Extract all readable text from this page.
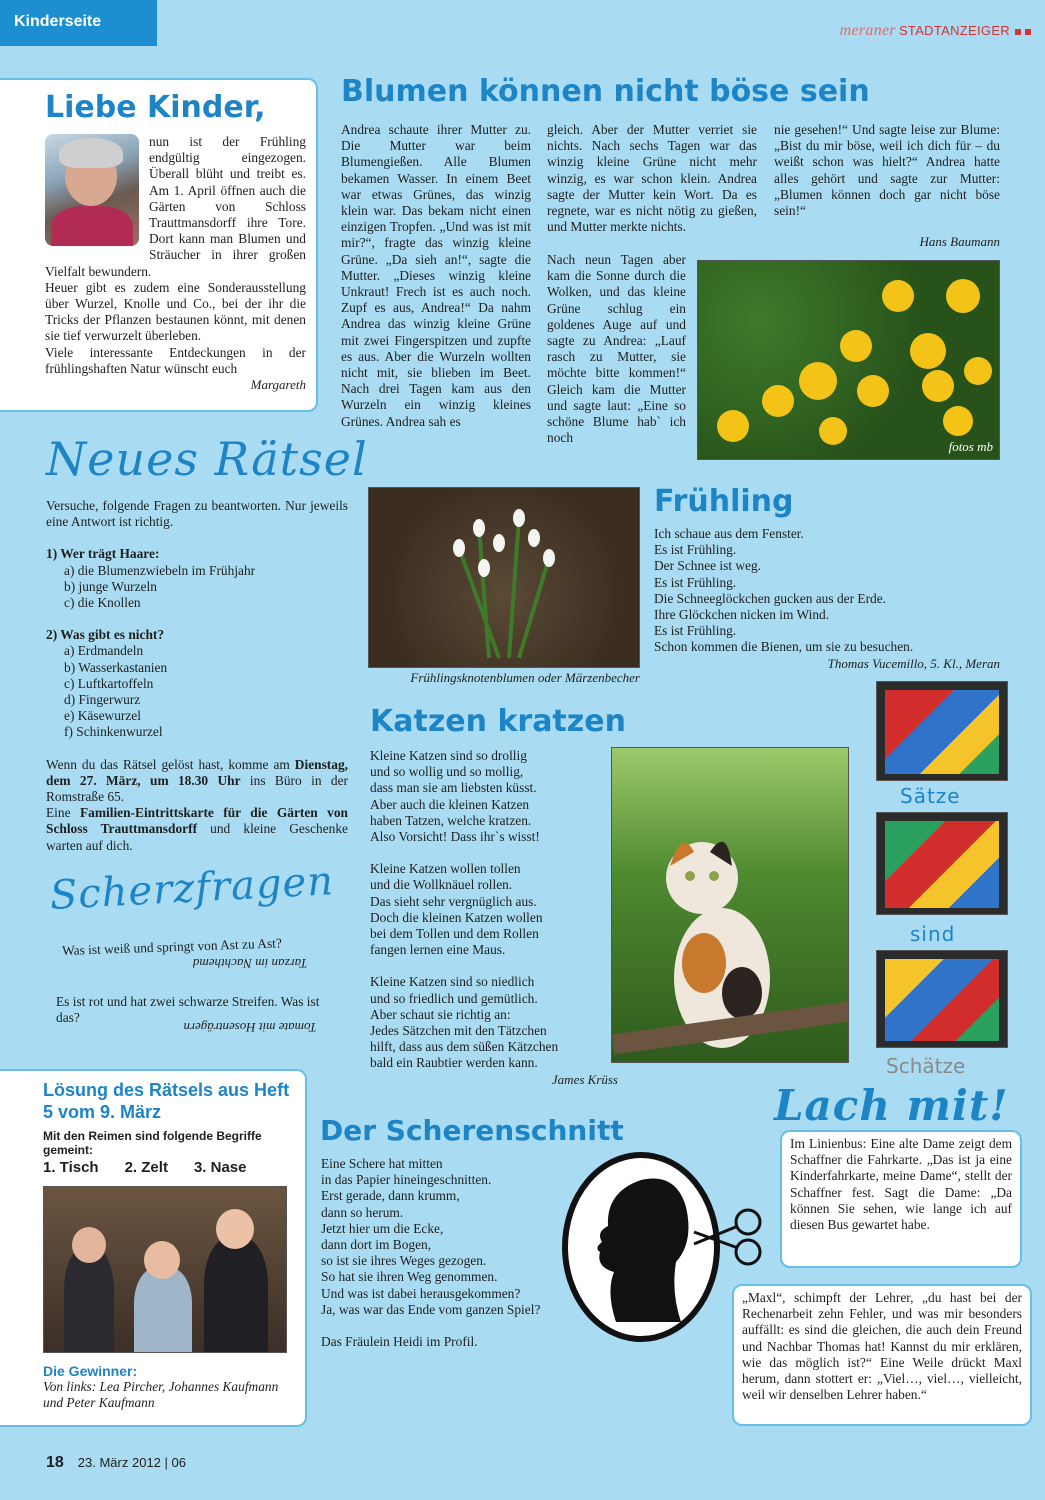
Kinderseite
meraner STADTANZEIGER
Liebe Kinder,

nun ist der Frühling endgültig eingezogen. Überall blüht und treibt es. Am 1. April öffnen auch die Gärten von Schloss Trauttmansdorff ihre Tore. Dort kann man Blumen und Sträucher in ihrer großen Vielfalt bewundern.

Heuer gibt es zudem eine Sonderausstellung über Wurzel, Knolle und Co., bei der ihr die Tricks der Pflanzen bestaunen könnt, mit denen sie tief verwurzelt überleben.

Viele interessante Entdeckungen in der frühlingshaften Natur wünscht euch

Margareth

Blumen können nicht böse sein

Andrea schaute ihrer Mutter zu. Die Mutter war beim Blumengießen. Alle Blumen bekamen Wasser. In einem Beet war etwas Grünes, das winzig klein war. Das bekam nicht einen einzigen Tropfen. „Und was ist mit mir?“, fragte das winzig kleine Grüne. „Da sieh an!“, sagte die Mutter. „Dieses winzig kleine Unkraut! Frech ist es auch noch. Zupf es aus, Andrea!“ Da nahm Andrea das winzig kleine Grüne mit zwei Fingerspitzen und zupfte es aus. Aber die Wurzeln wollten nicht mit, sie blieben im Beet. Nach drei Tagen kam aus den Wurzeln ein winzig kleines Grünes. Andrea sah es

gleich. Aber der Mutter verriet sie nichts. Nach sechs Tagen war das winzig kleine Grüne nicht mehr winzig, es war schon klein. Andrea sagte der Mutter kein Wort. Da es regnete, war es nicht nötig zu gießen, und Mutter merkte nichts.

Nach neun Tagen aber kam die Sonne durch die Wolken, und das kleine Grüne schlug ein goldenes Auge auf und sagte zu Andrea: „Lauf rasch zu Mutter, sie möchte bitte kommen!“ Gleich kam die Mutter und sagte laut: „Eine so schöne Blume hab` ich noch

nie gesehen!“ Und sagte leise zur Blume: „Bist du mir böse, weil ich dich für – du weißt schon was hielt?“ Andrea hatte alles gehört und sagte zur Mutter: „Blumen können doch gar nicht böse sein!“

Hans Baumann

fotos mb
Neues Rätsel

Versuche, folgende Fragen zu beantworten. Nur jeweils eine Antwort ist richtig.

1) Wer trägt Haare:

a) die Blumenzwiebeln im Frühjahr
b) junge Wurzeln
c) die Knollen

2) Was gibt es nicht?

a) Erdmandeln
b) Wasserkastanien
c) Luftkartoffeln
d) Fingerwurz
e) Käsewurzel
f) Schinkenwurzel

Wenn du das Rätsel gelöst hast, komme am Dienstag, dem 27. März, um 18.30 Uhr ins Büro in der Romstraße 65.

Eine Familien-Eintrittskarte für die Gärten von Schloss Trauttmansdorff und kleine Geschenke warten auf dich.

Frühlingsknotenblumen oder Märzenbecher

Frühling
Ich schaue aus dem Fenster.
Es ist Frühling.
Der Schnee ist weg.
Es ist Frühling.
Die Schneeglöckchen gucken aus der Erde.
Ihre Glöckchen nicken im Wind.
Es ist Frühling.
Schon kommen die Bienen, um sie zu besuchen.
Thomas Vucemillo, 5. Kl., Meran
Katzen kratzen
Kleine Katzen sind so drollig
und so wollig und so mollig,
dass man sie am liebsten küsst.
Aber auch die kleinen Katzen
haben Tatzen, welche kratzen.
Also Vorsicht! Dass ihr`s wisst!
Kleine Katzen wollen tollen
und die Wollknäuel rollen.
Das sieht sehr vergnüglich aus.
Doch die kleinen Katzen wollen
bei dem Tollen und dem Rollen
fangen lernen eine Maus.
Kleine Katzen sind so niedlich
und so friedlich und gemütlich.
Aber schaut sie richtig an:
Jedes Sätzchen mit den Tätzchen
hilft, dass aus dem süßen Kätzchen
bald ein Raubtier werden kann.
James Krüss
Sätze
sind
Schätze
Scherzfragen

Was ist weiß und springt von Ast zu Ast?

Tarzan im Nachthemd

Es ist rot und hat zwei schwarze Streifen. Was ist das?

Tomate mit Hosenträgern

Lösung des Rätsels aus Heft 5 vom 9. März

Mit den Reimen sind folgende Begriffe gemeint:

1. Tisch 2. Zelt 3. Nase

Die Gewinner:

Von links: Lea Pircher, Johannes Kaufmann und Peter Kaufmann

Der Scherenschnitt
Eine Schere hat mitten
in das Papier hineingeschnitten.
Erst gerade, dann krumm,
dann so herum.
Jetzt hier um die Ecke,
dann dort im Bogen,
so ist sie ihres Weges gezogen.
So hat sie ihren Weg genommen.
Und was ist dabei herausgekommen?
Ja, was war das Ende vom ganzen Spiel?
Das Fräulein Heidi im Profil.
Lach mit!

Im Linienbus: Eine alte Dame zeigt dem Schaffner die Fahrkarte. „Das ist ja eine Kinderfahrkarte, meine Dame“, stellt der Schaffner fest. Sagt die Dame: „Da können Sie sehen, wie lange ich auf diesen Bus gewartet habe.

„Maxl“, schimpft der Lehrer, „du hast bei der Rechenarbeit zehn Fehler, und was mir besonders auffällt: es sind die gleichen, die auch dein Freund und Nachbar Thomas hat! Kannst du mir erklären, wie das möglich ist?“ Eine Weile drückt Maxl herum, dann stottert er: „Viel…, viel…, vielleicht, weil wir denselben Lehrer haben.“

18 23. März 2012 | 06
